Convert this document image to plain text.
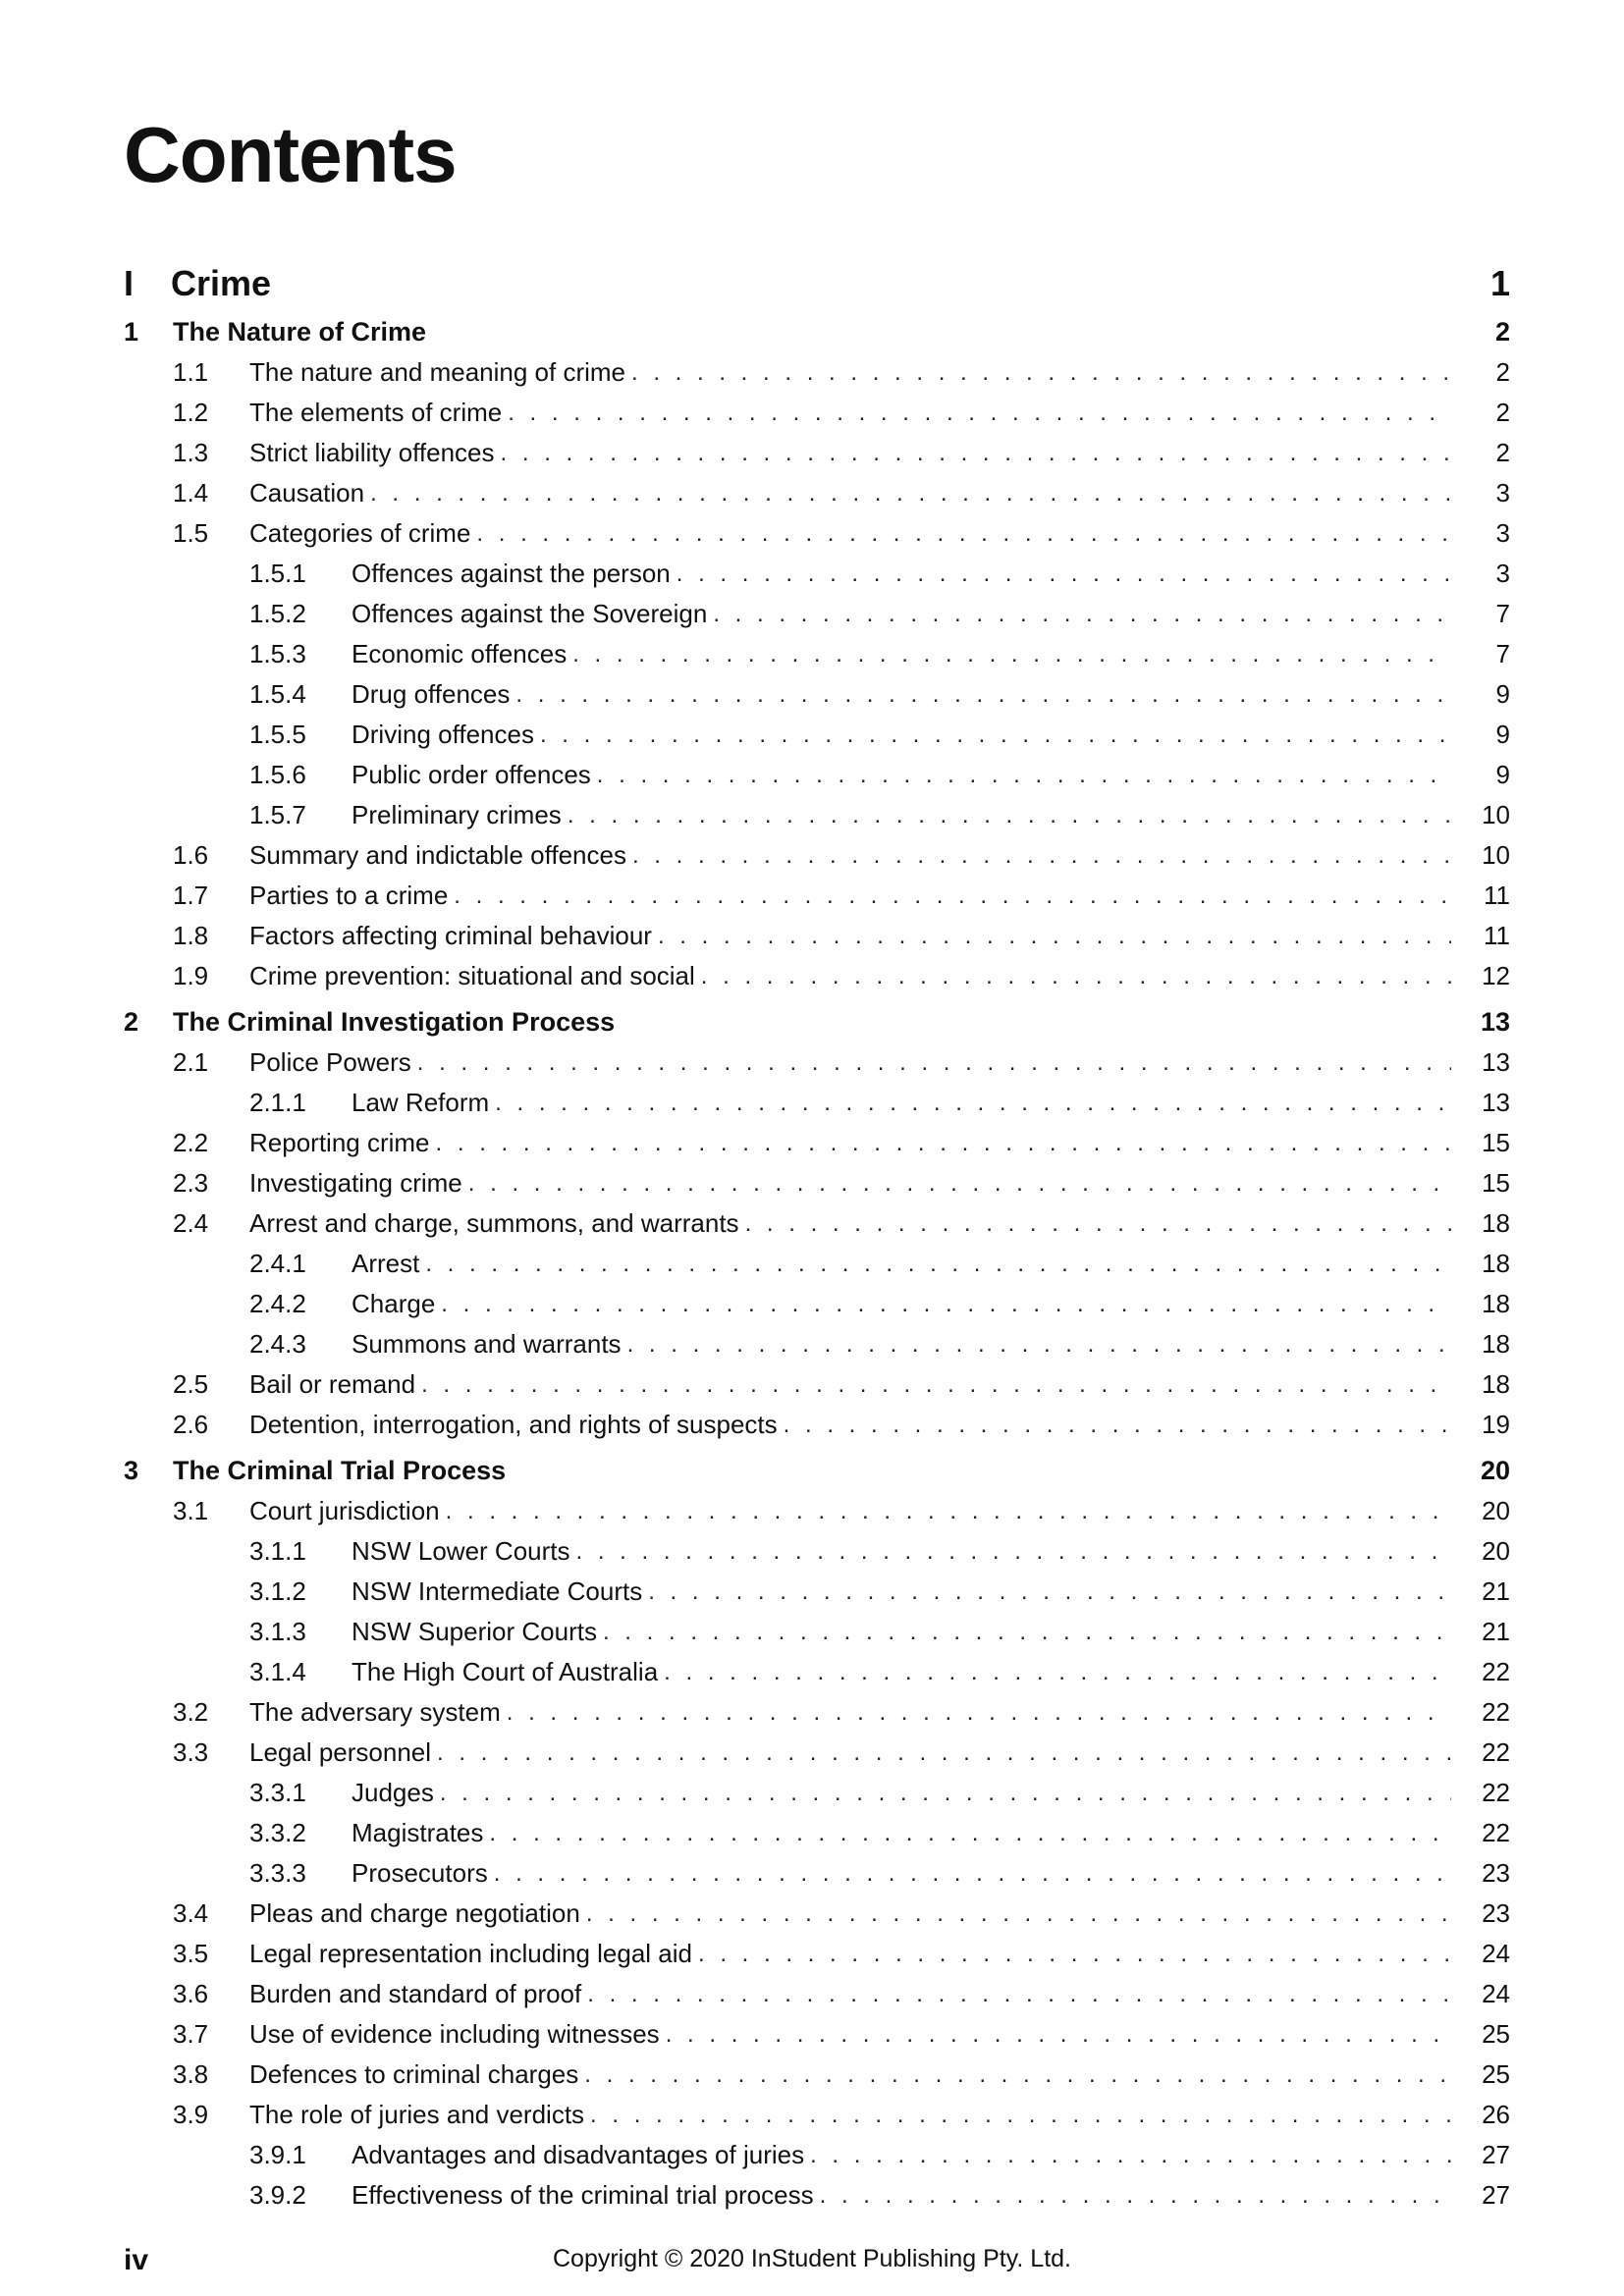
Contents
I	Crime	1
1	The Nature of Crime	2
1.1	The nature and meaning of crime . . .	2
1.2	The elements of crime . . .	2
1.3	Strict liability offences . . .	2
1.4	Causation . . .	3
1.5	Categories of crime . . .	3
1.5.1	Offences against the person . . .	3
1.5.2	Offences against the Sovereign . . .	7
1.5.3	Economic offences . . .	7
1.5.4	Drug offences . . .	9
1.5.5	Driving offences . . .	9
1.5.6	Public order offences . . .	9
1.5.7	Preliminary crimes . . .	10
1.6	Summary and indictable offences . . .	10
1.7	Parties to a crime . . .	11
1.8	Factors affecting criminal behaviour . . .	11
1.9	Crime prevention: situational and social . . .	12
2	The Criminal Investigation Process	13
2.1	Police Powers . . .	13
2.1.1	Law Reform . . .	13
2.2	Reporting crime . . .	15
2.3	Investigating crime . . .	15
2.4	Arrest and charge, summons, and warrants . . .	18
2.4.1	Arrest . . .	18
2.4.2	Charge . . .	18
2.4.3	Summons and warrants . . .	18
2.5	Bail or remand . . .	18
2.6	Detention, interrogation, and rights of suspects . . .	19
3	The Criminal Trial Process	20
3.1	Court jurisdiction . . .	20
3.1.1	NSW Lower Courts . . .	20
3.1.2	NSW Intermediate Courts . . .	21
3.1.3	NSW Superior Courts . . .	21
3.1.4	The High Court of Australia . . .	22
3.2	The adversary system . . .	22
3.3	Legal personnel . . .	22
3.3.1	Judges . . .	22
3.3.2	Magistrates . . .	22
3.3.3	Prosecutors . . .	23
3.4	Pleas and charge negotiation . . .	23
3.5	Legal representation including legal aid . . .	24
3.6	Burden and standard of proof . . .	24
3.7	Use of evidence including witnesses . . .	25
3.8	Defences to criminal charges . . .	25
3.9	The role of juries and verdicts . . .	26
3.9.1	Advantages and disadvantages of juries . . .	27
3.9.2	Effectiveness of the criminal trial process . . .	27
iv	Copyright © 2020 InStudent Publishing Pty. Ltd.
